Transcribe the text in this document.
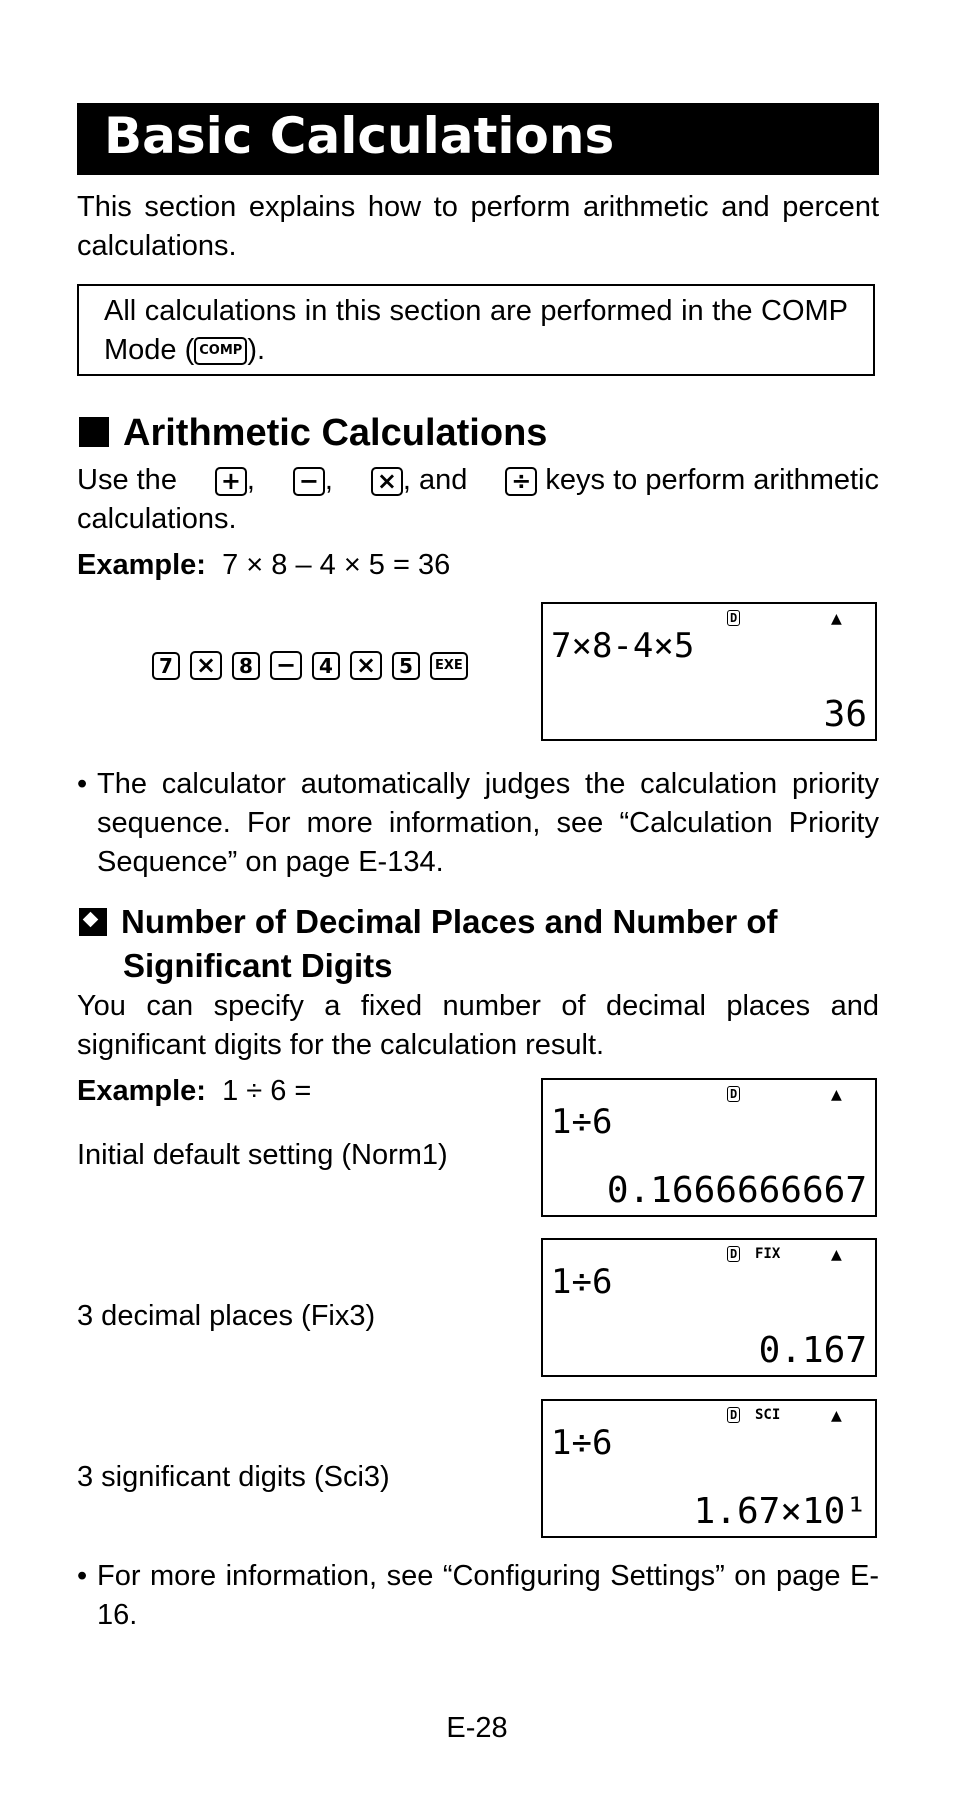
Basic Calculations
This section explains how to perform arithmetic and percent calculations.
All calculations in this section are performed in the COMP Mode ( COMP ).
Arithmetic Calculations
Use the + , − , × , and ÷ keys to perform arithmetic
calculations.
Example: 7 × 8 – 4 × 5 = 36
7 × 8 − 4 × 5 EXE
D	▲
7×8-4×5
36
• The calculator automatically judges the calculation priority sequence. For more information, see “Calculation Priority Sequence” on page E-134.
Number of Decimal Places and Number of
Significant Digits
You can specify a fixed number of decimal places and significant digits for the calculation result.
Example: 1 ÷ 6 =
Initial default setting (Norm1)
D	▲
1÷6
0.1666666667
3 decimal places (Fix3)
D FIX	▲
1÷6
0.167
3 significant digits (Sci3)
D SCI	▲
1÷6
1.67×10¹
• For more information, see “Configuring Settings” on page E-16.
E-28
